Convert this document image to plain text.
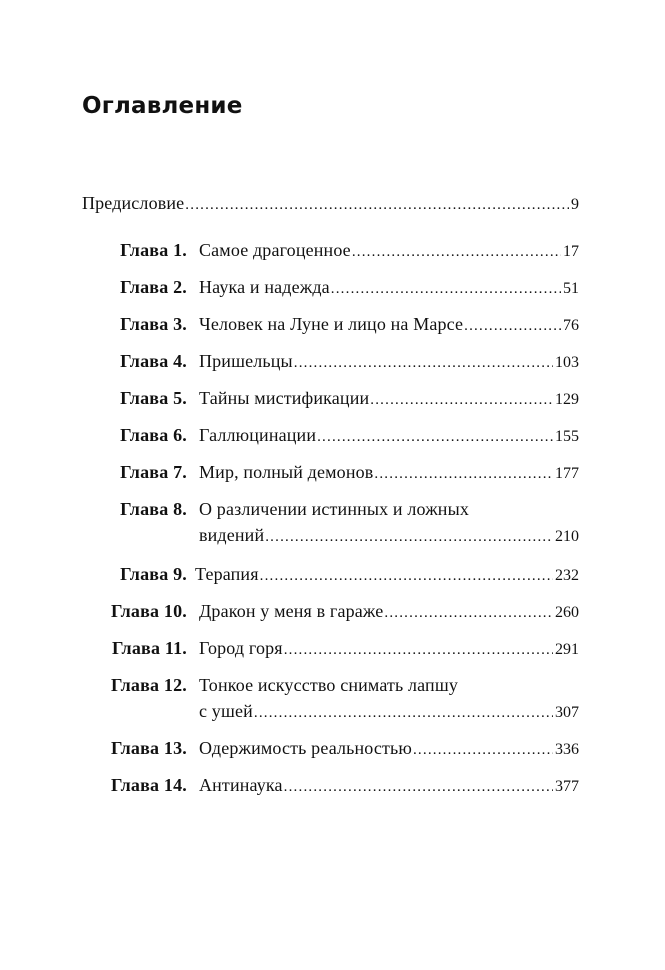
Оглавление
Предисловие .....	9
Глава 1. Самое драгоценное .....	17
Глава 2. Наука и надежда .....	51
Глава 3. Человек на Луне и лицо на Марсе .....	76
Глава 4. Пришельцы .....	103
Глава 5. Тайны мистификации .....	129
Глава 6. Галлюцинации .....	155
Глава 7. Мир, полный демонов .....	177
Глава 8. О различении истинных и ложных
видений .....	210
Глава 9. Терапия .....	232
Глава 10. Дракон у меня в гараже .....	260
Глава 11. Город горя .....	291
Глава 12. Тонкое искусство снимать лапшу
с ушей .....	307
Глава 13. Одержимость реальностью .....	336
Глава 14. Антинаука .....	377
